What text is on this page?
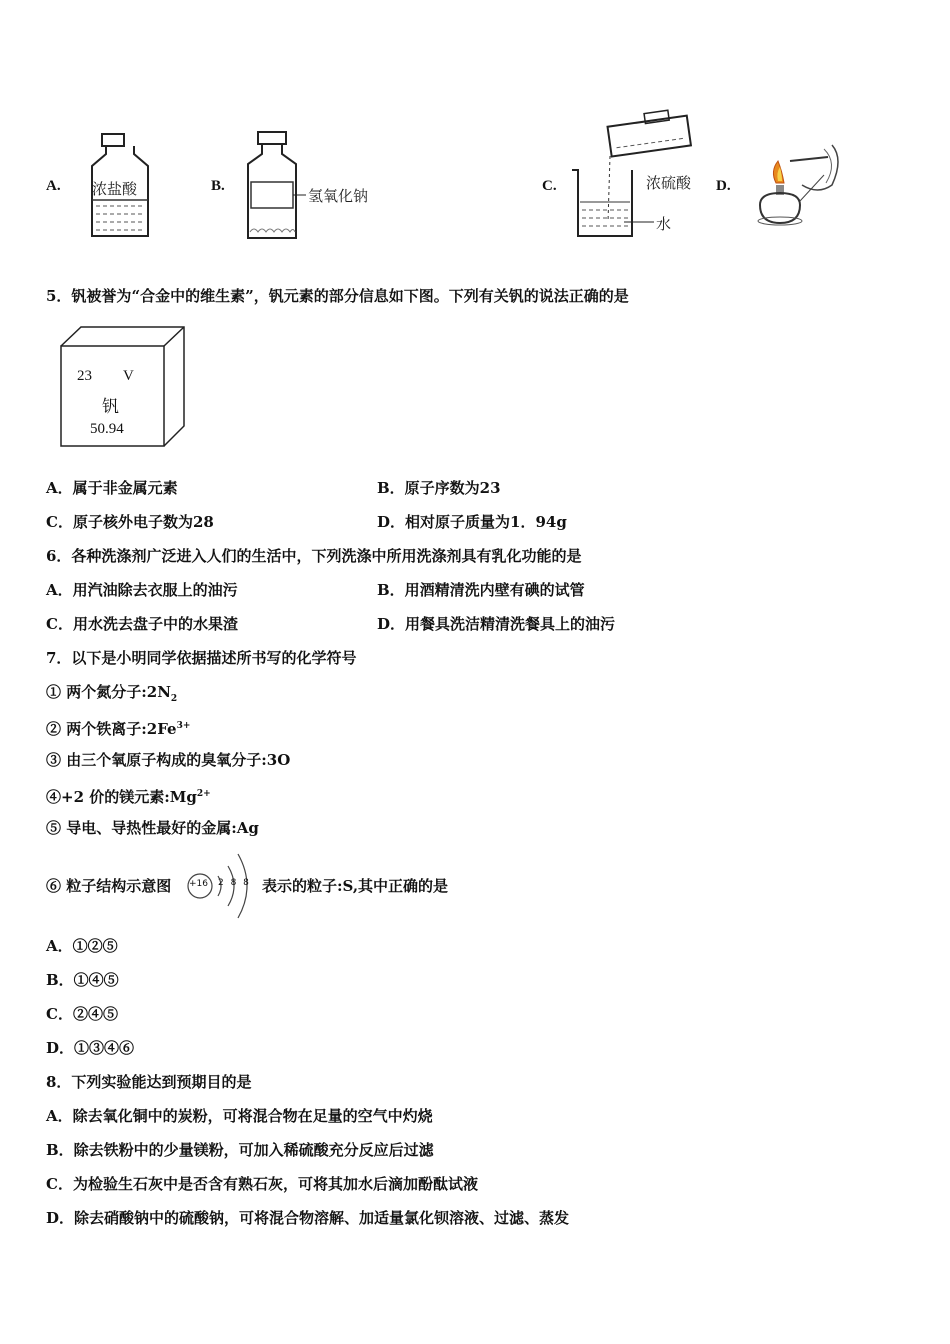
A. 浓盐酸	B.
氢氧化钠
C.	浓硫酸
水
D.
5．钒被誉为“合金中的维生素”，钒元素的部分信息如下图。下列有关钒的说法正确的是
23 V
钒
50.94
A．属于非金属元素	B．原子序数为23
C．原子核外电子数为28	D．相对原子质量为1．94g
6．各种洗涤剂广泛进入人们的生活中，下列洗涤中所用洗涤剂具有乳化功能的是
A．用汽油除去衣服上的油污	B．用酒精清洗内壁有碘的试管
C．用水洗去盘子中的水果渣	D．用餐具洗洁精清洗餐具上的油污
7．以下是小明同学依据描述所书写的化学符号
① 两个氮分子$:2N_2$
② 两个铁离子$:2Fe^{3+}$
③ 由三个氧原子构成的臭氧分子:3O
④+2 价的镁元素$:Mg^{2+}$
⑤ 导电、导热性最好的金属:Ag
⑥ 粒子结构示意图 +16 2 8 8 表示的粒子:S,其中正确的是
A．①②⑤
B．①④⑤
C．②④⑤
D．①③④⑥
8．下列实验能达到预期目的是
A．除去氧化铜中的炭粉，可将混合物在足量的空气中灼烧
B．除去铁粉中的少量镁粉，可加入稀硫酸充分反应后过滤
C．为检验生石灰中是否含有熟石灰，可将其加水后滴加酚酞试液
D．除去硝酸钠中的硫酸钠，可将混合物溶解、加适量氯化钡溶液、过滤、蒸发
